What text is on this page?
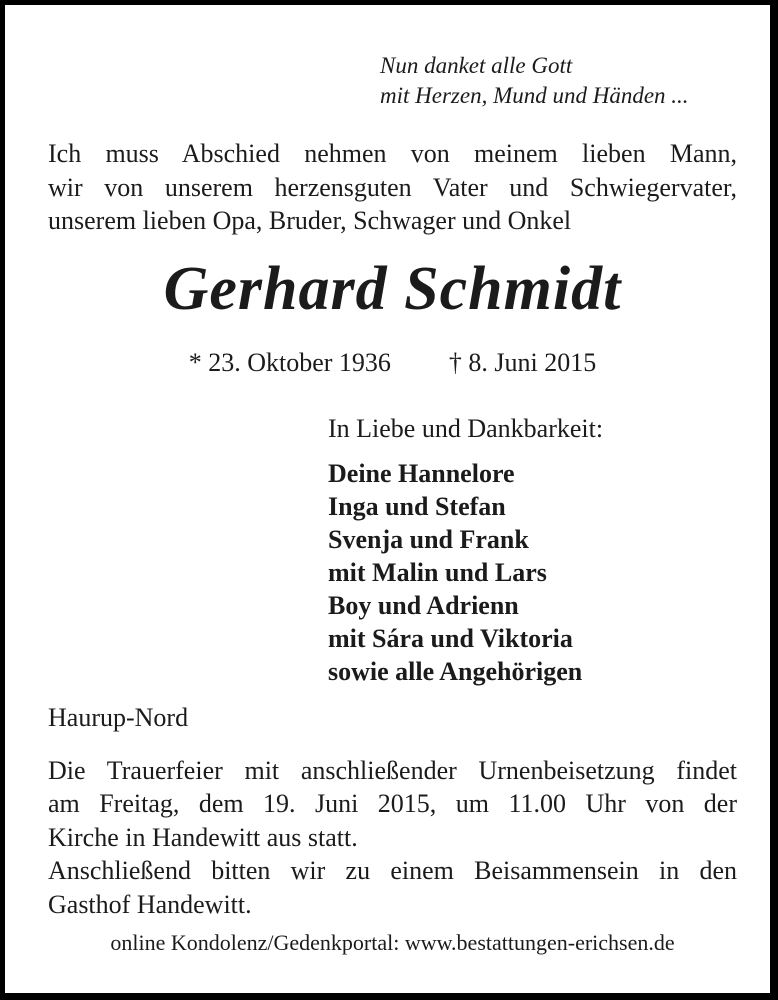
Nun danket alle Gott
mit Herzen, Mund und Händen ...
Ich muss Abschied nehmen von meinem lieben Mann,
wir von unserem herzensguten Vater und Schwiegervater,
unserem lieben Opa, Bruder, Schwager und Onkel
Gerhard Schmidt
* 23. Oktober 1936 † 8. Juni 2015
In Liebe und Dankbarkeit:
Deine Hannelore
Inga und Stefan
Svenja und Frank
mit Malin und Lars
Boy und Adrienn
mit Sára und Viktoria
sowie alle Angehörigen
Haurup-Nord
Die Trauerfeier mit anschließender Urnenbeisetzung findet
am Freitag, dem 19. Juni 2015, um 11.00 Uhr von der
Kirche in Handewitt aus statt.
Anschließend bitten wir zu einem Beisammensein in den
Gasthof Handewitt.
online Kondolenz/Gedenkportal: www.bestattungen-erichsen.de
